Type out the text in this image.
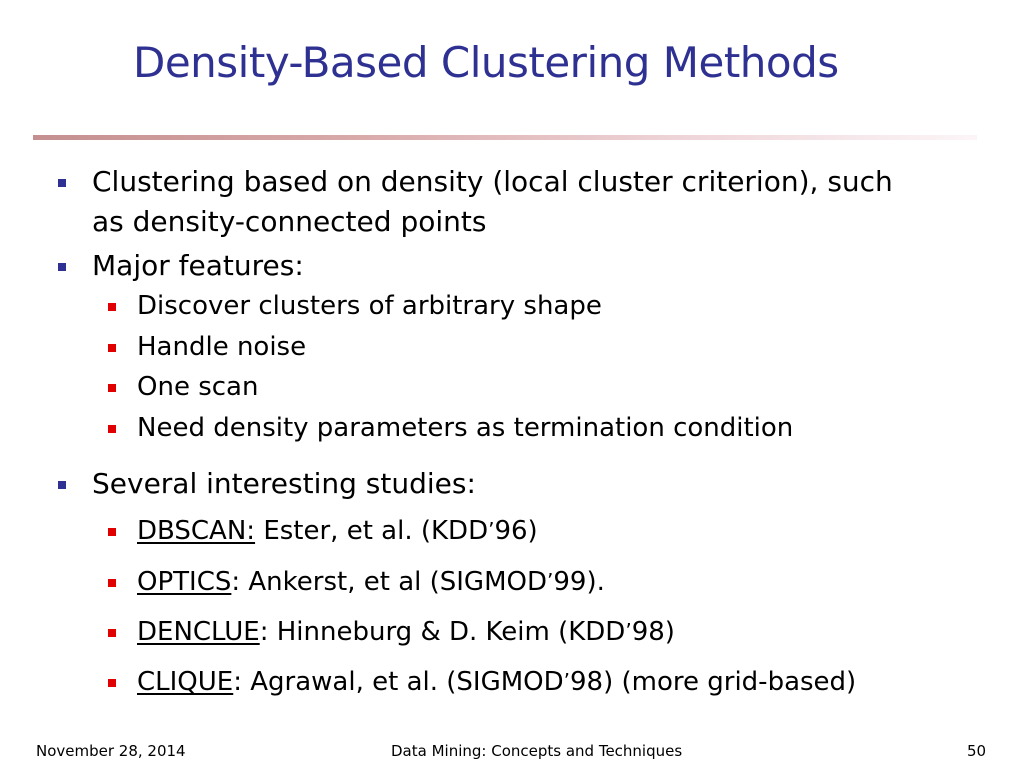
Density-Based Clustering Methods
Clustering based on density (local cluster criterion), such
as density-connected points
Major features:
Discover clusters of arbitrary shape
Handle noise
One scan
Need density parameters as termination condition
Several interesting studies:
DBSCAN: Ester, et al. (KDD’96)
OPTICS: Ankerst, et al (SIGMOD’99).
DENCLUE: Hinneburg & D. Keim (KDD’98)
CLIQUE: Agrawal, et al. (SIGMOD’98) (more grid-based)
November 28, 2014	Data Mining: Concepts and Techniques	50
